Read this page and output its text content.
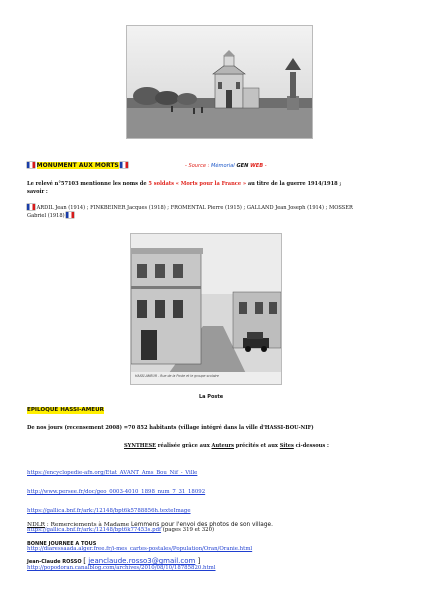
MONUMENT AUX MORTS	- Source : Mémorial GEN WEB -
Le relevé n°57103 mentionne les noms de 5 soldats « Morts pour la France » au titre de la guerre 1914/1918 ;
savoir :
ARDIL Jean (1914) ; FINKBEINER Jacques (1918) ; FROMENTAL Pierre (1915) ; GALLAND Jean Joseph (1914) ; MOSSER
Gabriel (1918)
HASSI-AMEUR - Rue de la Poste et le groupe scolaire
La Poste
EPILOQUE HASSI-AMEUR
De nos jours (recensement 2008) =70 852 habitants (village intégré dans la ville d'HASSI-BOU-NIF)
SYNTHESE réalisée grâce aux Auteurs précités et aux Sites ci-dessous :
https://encyclopedie-afn.org/Etat_AVANT_Ams_Bou_Nif_-_Ville
http://www.persee.fr/doc/geo_0003-4010_1898_num_7_31_18092
https://gallica.bnf.fr/ark:/12148/bpt6k5788856h.texteImage
https://gallica.bnf.fr/ark:/12148/bpt6k77453s.pdf (pages 319 et 320)
http://diaressaada.alger.free.fr/i-mes_cartes-postales/Population/Oran/Oranie.html
http://popodoran.canalblog.com/archives/2010/08/10/18785820.html
NDLR : Remerciements à Madame Lemmens pour l'envoi des photos de son village.
BONNE JOURNEE A TOUS
Jean-Claude ROSSO [ jeanclaude.rosso3@gmail.com ]
